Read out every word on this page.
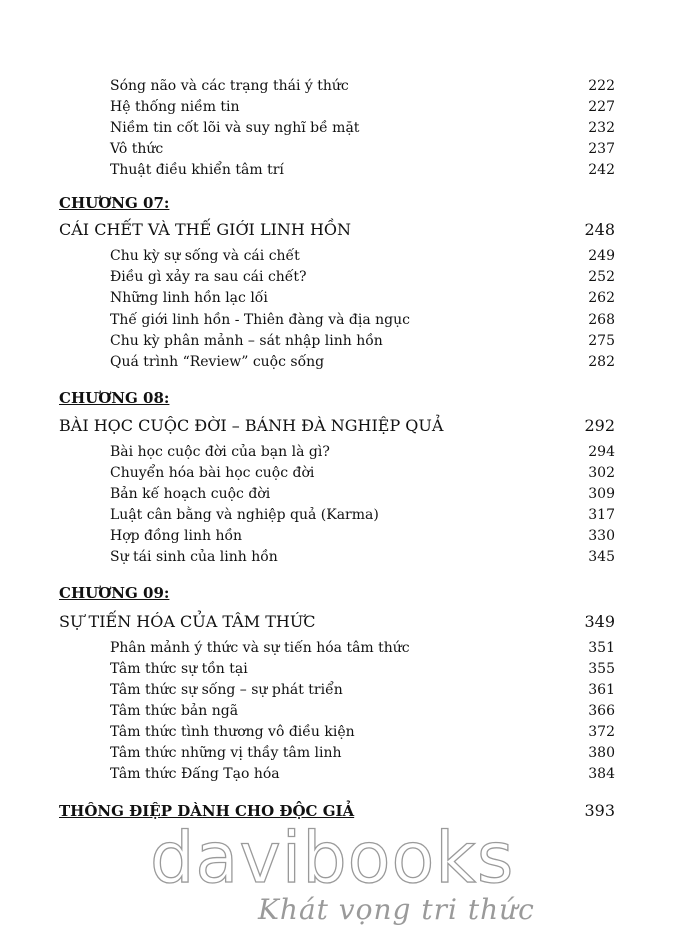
Sóng não và các trạng thái ý thức	222
Hệ thống niềm tin	227
Niềm tin cốt lõi và suy nghĩ bề mặt	232
Vô thức	237
Thuật điều khiển tâm trí	242
CHƯƠNG 07:
CÁI CHẾT VÀ THẾ GIỚI LINH HỒN	248
Chu kỳ sự sống và cái chết	249
Điều gì xảy ra sau cái chết?	252
Những linh hồn lạc lối	262
Thế giới linh hồn - Thiên đàng và địa ngục	268
Chu kỳ phân mảnh – sát nhập linh hồn	275
Quá trình “Review” cuộc sống	282
CHƯƠNG 08:
BÀI HỌC CUỘC ĐỜI – BÁNH ĐÀ NGHIỆP QUẢ	292
Bài học cuộc đời của bạn là gì?	294
Chuyển hóa bài học cuộc đời	302
Bản kế hoạch cuộc đời	309
Luật cân bằng và nghiệp quả (Karma)	317
Hợp đồng linh hồn	330
Sự tái sinh của linh hồn	345
CHƯƠNG 09:
SỰ TIẾN HÓA CỦA TÂM THỨC	349
Phân mảnh ý thức và sự tiến hóa tâm thức	351
Tâm thức sự tồn tại	355
Tâm thức sự sống – sự phát triển	361
Tâm thức bản ngã	366
Tâm thức tình thương vô điều kiện	372
Tâm thức những vị thầy tâm linh	380
Tâm thức Đấng Tạo hóa	384
THÔNG ĐIỆP DÀNH CHO ĐỘC GIẢ	393
davibooks
Khát vọng tri thức
